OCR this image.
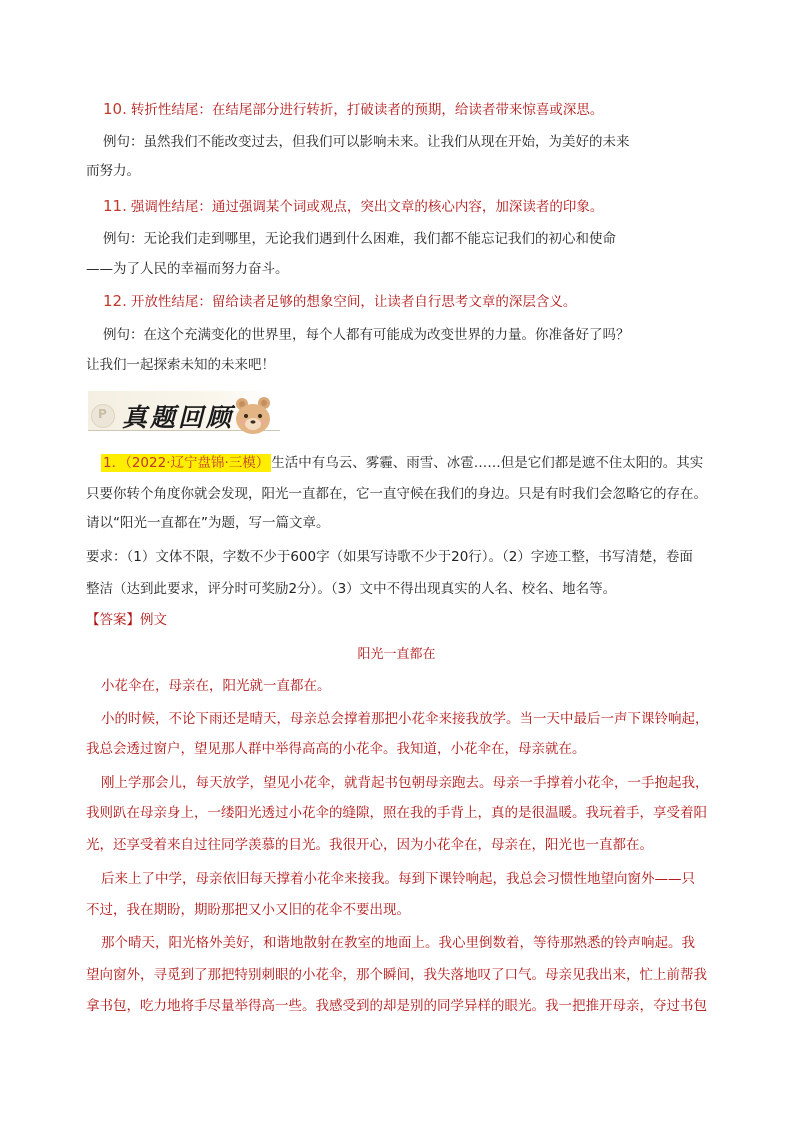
10. 转折性结尾：在结尾部分进行转折，打破读者的预期，给读者带来惊喜或深思。
例句：虽然我们不能改变过去，但我们可以影响未来。让我们从现在开始，为美好的未来
而努力。
11. 强调性结尾：通过强调某个词或观点，突出文章的核心内容，加深读者的印象。
例句：无论我们走到哪里，无论我们遇到什么困难，我们都不能忘记我们的初心和使命
——为了人民的幸福而努力奋斗。
12. 开放性结尾：留给读者足够的想象空间，让读者自行思考文章的深层含义。
例句：在这个充满变化的世界里，每个人都有可能成为改变世界的力量。你准备好了吗？
让我们一起探索未知的未来吧！
P 真题回顾
1．（2022·辽宁盘锦·三模） 生活中有乌云、雾霾、雨雪、冰雹……但是它们都是遮不住太阳的。其实
只要你转个角度你就会发现，阳光一直都在，它一直守候在我们的身边。只是有时我们会忽略它的存在。
请以“阳光一直都在”为题，写一篇文章。
要求：（1）文体不限，字数不少于600字（如果写诗歌不少于20行）。（2）字迹工整，书写清楚，卷面
整洁（达到此要求，评分时可奖励2分）。（3）文中不得出现真实的人名、校名、地名等。
【答案】例文
阳光一直都在
小花伞在，母亲在，阳光就一直都在。
小的时候，不论下雨还是晴天，母亲总会撑着那把小花伞来接我放学。当一天中最后一声下课铃响起，
我总会透过窗户，望见那人群中举得高高的小花伞。我知道，小花伞在，母亲就在。
刚上学那会儿，每天放学，望见小花伞，就背起书包朝母亲跑去。母亲一手撑着小花伞，一手抱起我，
我则趴在母亲身上，一缕阳光透过小花伞的缝隙，照在我的手背上，真的是很温暖。我玩着手，享受着阳
光，还享受着来自过往同学羡慕的目光。我很开心，因为小花伞在，母亲在，阳光也一直都在。
后来上了中学，母亲依旧每天撑着小花伞来接我。每到下课铃响起，我总会习惯性地望向窗外——只
不过，我在期盼，期盼那把又小又旧的花伞不要出现。
那个晴天，阳光格外美好，和谐地散射在教室的地面上。我心里倒数着，等待那熟悉的铃声响起。我
望向窗外，寻觅到了那把特别刺眼的小花伞，那个瞬间，我失落地叹了口气。母亲见我出来，忙上前帮我
拿书包，吃力地将手尽量举得高一些。我感受到的却是别的同学异样的眼光。我一把推开母亲，夺过书包
